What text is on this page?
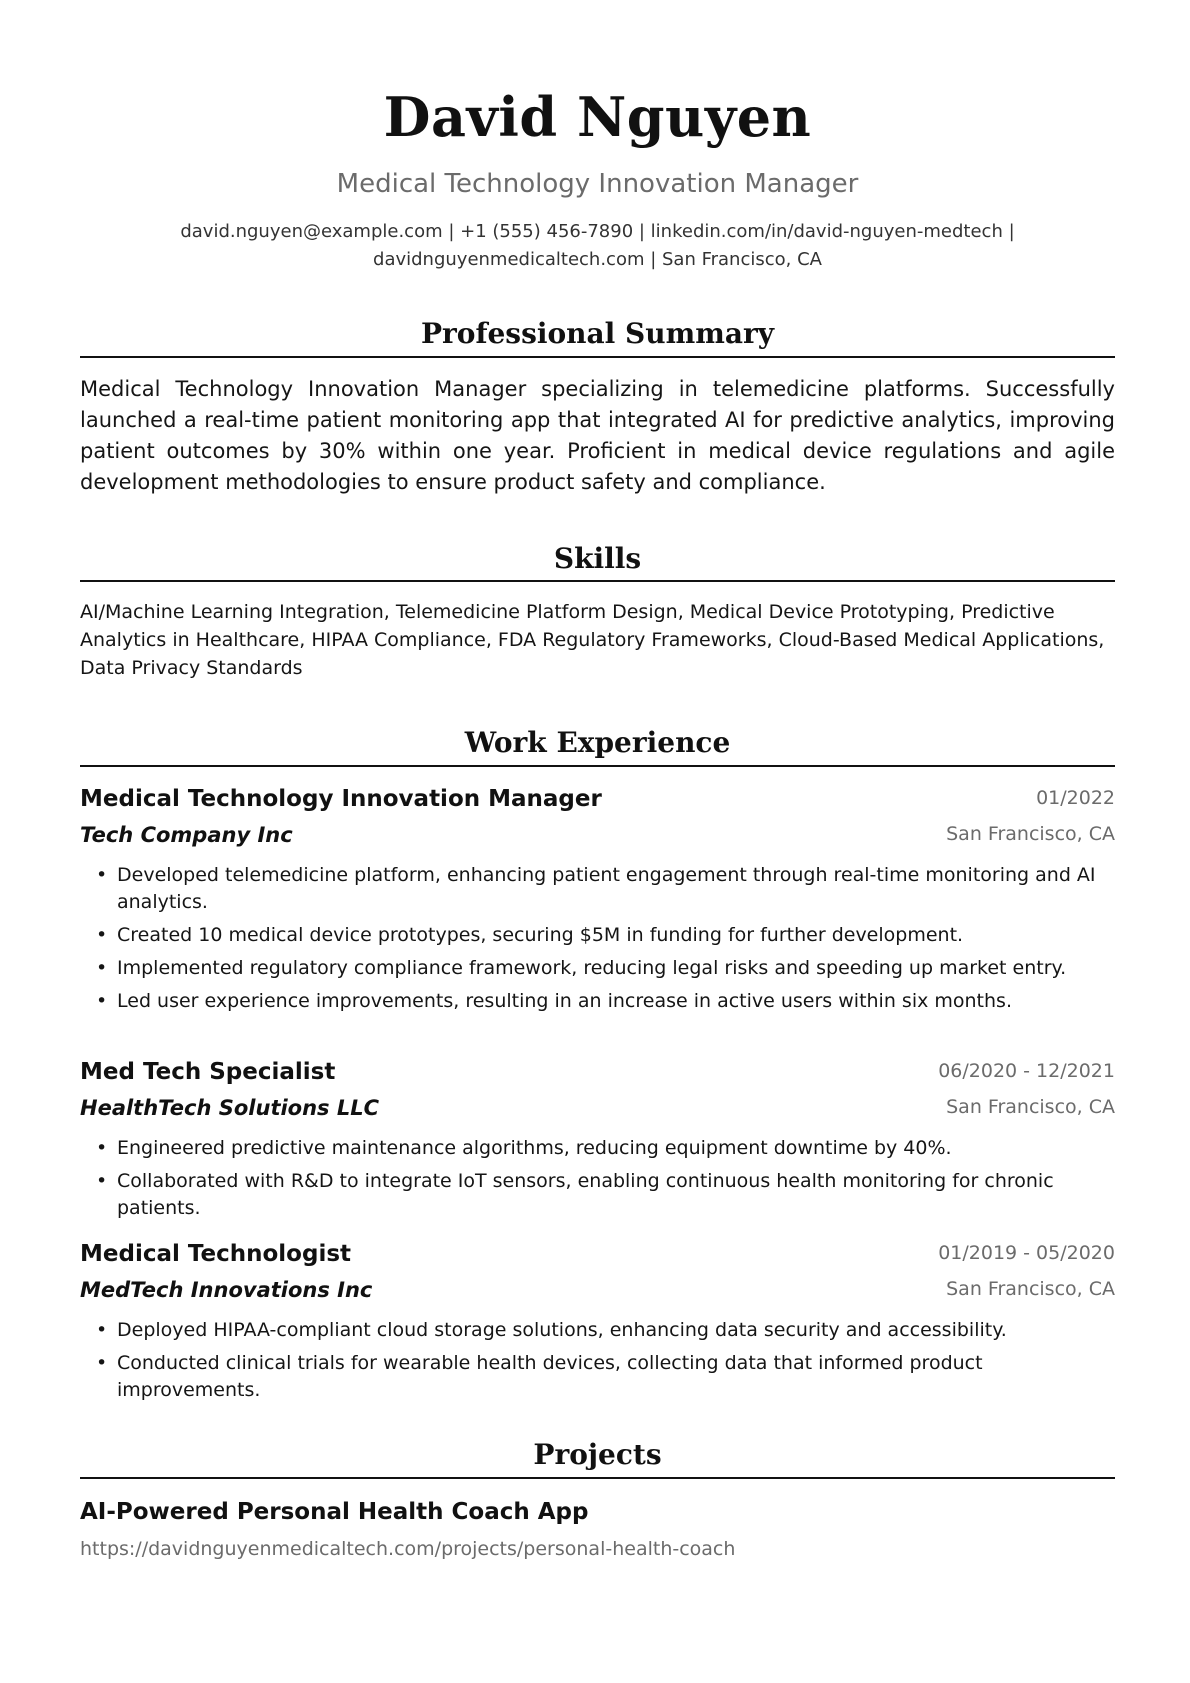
David Nguyen
Medical Technology Innovation Manager
david.nguyen@example.com | +1 (555) 456-7890 | linkedin.com/in/david-nguyen-medtech |
davidnguyenmedicaltech.com | San Francisco, CA
Professional Summary
Medical Technology Innovation Manager specializing in telemedicine platforms. Successfully launched a real-time patient monitoring app that integrated AI for predictive analytics, improving patient outcomes by 30% within one year. Proficient in medical device regulations and agile development methodologies to ensure product safety and compliance.
Skills
AI/Machine Learning Integration, Telemedicine Platform Design, Medical Device Prototyping, Predictive Analytics in Healthcare, HIPAA Compliance, FDA Regulatory Frameworks, Cloud-Based Medical Applications, Data Privacy Standards
Work Experience
Medical Technology Innovation Manager	01/2022
Tech Company Inc	San Francisco, CA
• Developed telemedicine platform, enhancing patient engagement through real-time monitoring and AI analytics.
• Created 10 medical device prototypes, securing $5M in funding for further development.
• Implemented regulatory compliance framework, reducing legal risks and speeding up market entry.
• Led user experience improvements, resulting in an increase in active users within six months.
Med Tech Specialist	06/2020 - 12/2021
HealthTech Solutions LLC	San Francisco, CA
• Engineered predictive maintenance algorithms, reducing equipment downtime by 40%.
• Collaborated with R&D to integrate IoT sensors, enabling continuous health monitoring for chronic patients.
Medical Technologist	01/2019 - 05/2020
MedTech Innovations Inc	San Francisco, CA
• Deployed HIPAA-compliant cloud storage solutions, enhancing data security and accessibility.
• Conducted clinical trials for wearable health devices, collecting data that informed product improvements.
Projects
AI-Powered Personal Health Coach App
https://davidnguyenmedicaltech.com/projects/personal-health-coach
